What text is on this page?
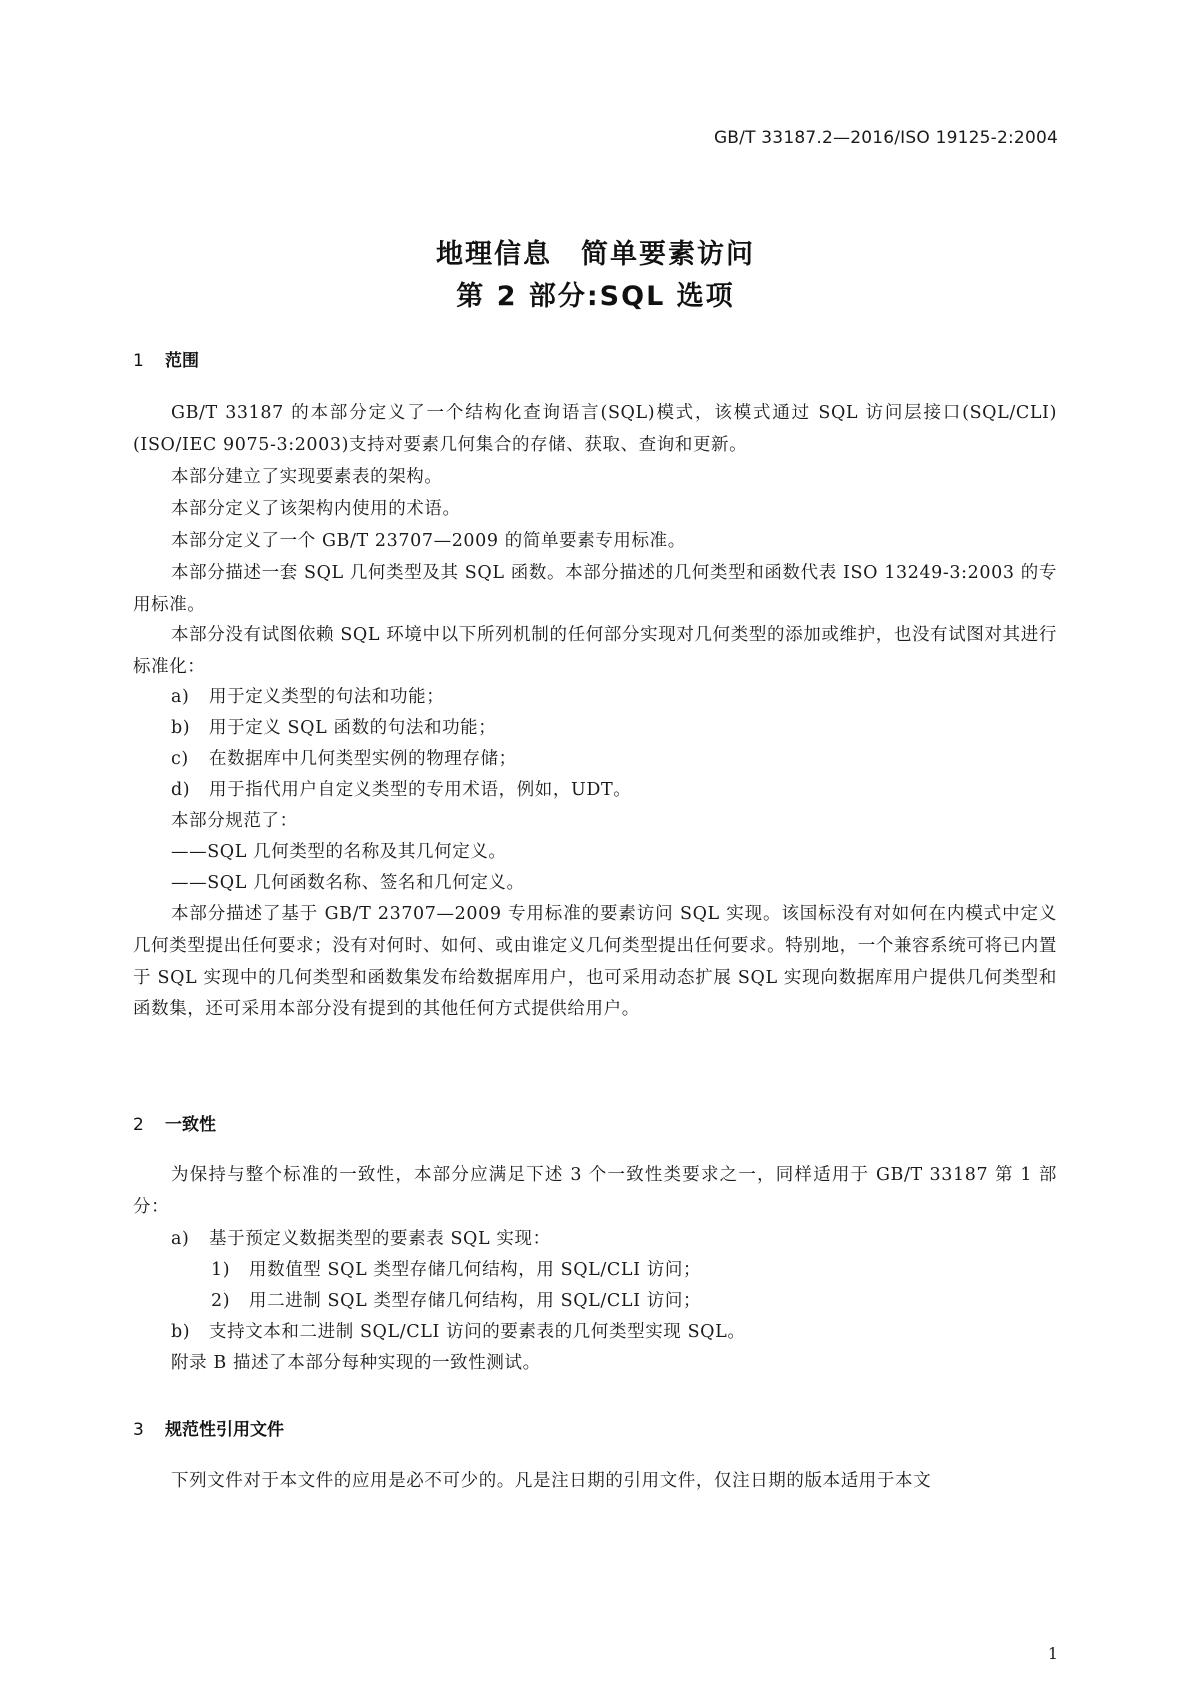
GB/T 33187.2—2016/ISO 19125-2:2004
地理信息　简单要素访问
第 2 部分:SQL 选项
1 范围
GB/T 33187 的本部分定义了一个结构化查询语言(SQL)模式，该模式通过 SQL 访问层接口(SQL/CLI)(ISO/IEC 9075-3:2003)支持对要素几何集合的存储、获取、查询和更新。
本部分建立了实现要素表的架构。
本部分定义了该架构内使用的术语。
本部分定义了一个 GB/T 23707—2009 的简单要素专用标准。
本部分描述一套 SQL 几何类型及其 SQL 函数。本部分描述的几何类型和函数代表 ISO 13249-3:2003 的专用标准。
本部分没有试图依赖 SQL 环境中以下所列机制的任何部分实现对几何类型的添加或维护，也没有试图对其进行标准化：
a) 用于定义类型的句法和功能；
b) 用于定义 SQL 函数的句法和功能；
c) 在数据库中几何类型实例的物理存储；
d) 用于指代用户自定义类型的专用术语，例如，UDT。
本部分规范了：
——SQL 几何类型的名称及其几何定义。
——SQL 几何函数名称、签名和几何定义。
本部分描述了基于 GB/T 23707—2009 专用标准的要素访问 SQL 实现。该国标没有对如何在内模式中定义几何类型提出任何要求；没有对何时、如何、或由谁定义几何类型提出任何要求。特别地，一个兼容系统可将已内置于 SQL 实现中的几何类型和函数集发布给数据库用户，也可采用动态扩展 SQL 实现向数据库用户提供几何类型和函数集，还可采用本部分没有提到的其他任何方式提供给用户。
2 一致性
为保持与整个标准的一致性，本部分应满足下述 3 个一致性类要求之一，同样适用于 GB/T 33187 第 1 部分：
a) 基于预定义数据类型的要素表 SQL 实现：
1) 用数值型 SQL 类型存储几何结构，用 SQL/CLI 访问；
2) 用二进制 SQL 类型存储几何结构，用 SQL/CLI 访问；
b) 支持文本和二进制 SQL/CLI 访问的要素表的几何类型实现 SQL。
附录 B 描述了本部分每种实现的一致性测试。
3 规范性引用文件
下列文件对于本文件的应用是必不可少的。凡是注日期的引用文件，仅注日期的版本适用于本文
1
